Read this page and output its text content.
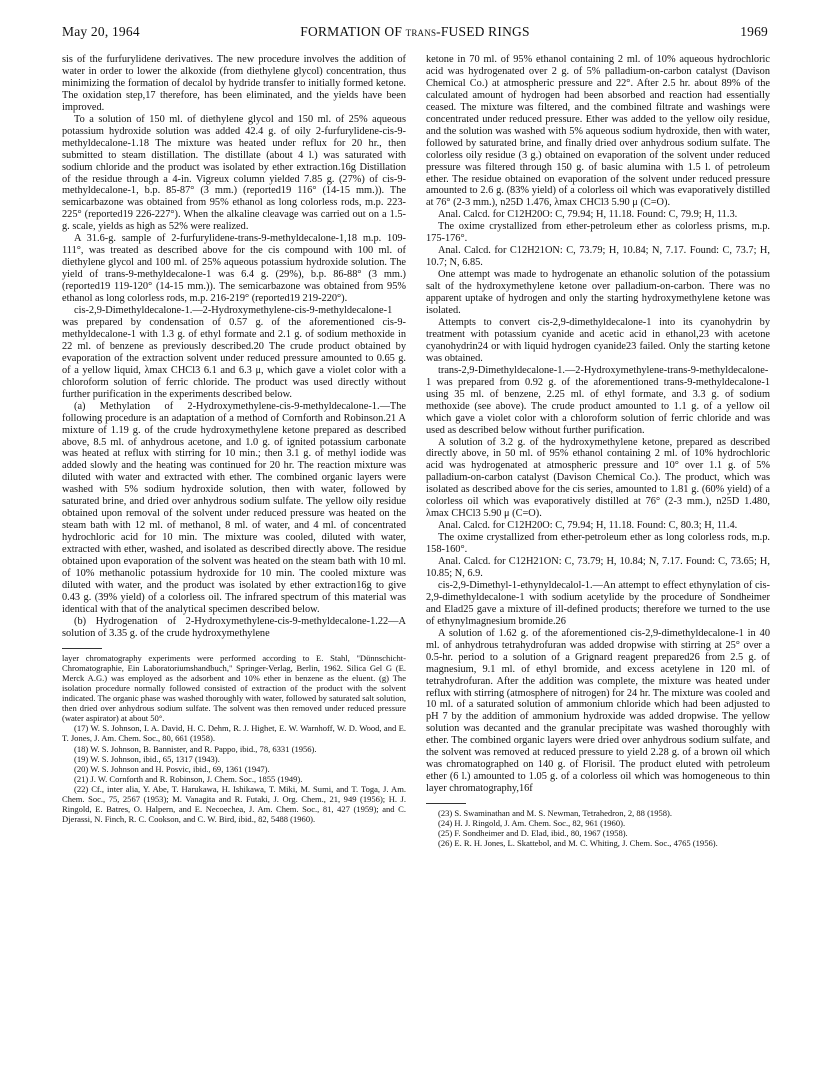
May 20, 1964	FORMATION OF trans-FUSED RINGS	1969

sis of the furfurylidene derivatives. The new procedure involves the addition of water in order to lower the alkoxide (from diethylene glycol) concentration, thus minimizing the formation of decalol by hydride transfer to initially formed ketone. The oxidation step,17 therefore, has been eliminated, and the yields have been improved.

To a solution of 150 ml. of diethylene glycol and 150 ml. of 25% aqueous potassium hydroxide solution was added 42.4 g. of oily 2-furfurylidene-cis-9-methyldecalone-1.18 The mixture was heated under reflux for 20 hr., then submitted to steam distillation. The distillate (about 4 l.) was saturated with sodium chloride and the product was isolated by ether extraction.16g Distillation of the residue through a 4-in. Vigreux column yielded 7.85 g. (27%) of cis-9-methyldecalone-1, b.p. 85-87° (3 mm.) (reported19 116° (14-15 mm.)). The semicarbazone was obtained from 95% ethanol as long colorless rods, m.p. 223-225° (reported19 226-227°). When the alkaline cleavage was carried out on a 1.5-g. scale, yields as high as 52% were realized.

A 31.6-g. sample of 2-furfurylidene-trans-9-methyldecalone-1,18 m.p. 109-111°, was treated as described above for the cis compound with 100 ml. of diethylene glycol and 100 ml. of 25% aqueous potassium hydroxide solution. The yield of trans-9-methyldecalone-1 was 6.4 g. (29%), b.p. 86-88° (3 mm.) (reported19 119-120° (14-15 mm.)). The semicarbazone was obtained from 95% ethanol as long colorless rods, m.p. 216-219° (reported19 219-220°).

cis-2,9-Dimethyldecalone-1.—2-Hydroxymethylene-cis-9-methyldecalone-1 was prepared by condensation of 0.57 g. of the aforementioned cis-9-methyldecalone-1 with 1.3 g. of ethyl formate and 2.1 g. of sodium methoxide in 22 ml. of benzene as previously described.20 The crude product obtained by evaporation of the extraction solvent under reduced pressure amounted to 0.65 g. of a yellow liquid, λmax CHCl3 6.1 and 6.3 μ, which gave a violet color with a chloroform solution of ferric chloride. The product was used directly without further purification in the experiments described below.

(a) Methylation of 2-Hydroxymethylene-cis-9-methyldecalone-1.—The following procedure is an adaptation of a method of Cornforth and Robinson.21 A mixture of 1.19 g. of the crude hydroxymethylene ketone prepared as described above, 8.5 ml. of anhydrous acetone, and 1.0 g. of ignited potassium carbonate was heated at reflux with stirring for 10 min.; then 3.1 g. of methyl iodide was added slowly and the heating was continued for 20 hr. The reaction mixture was diluted with water and extracted with ether. The combined organic layers were washed with 5% sodium hydroxide solution, then with water, followed by saturated brine, and dried over anhydrous sodium sulfate. The yellow oily residue obtained upon removal of the solvent under reduced pressure was heated on the steam bath with 12 ml. of methanol, 8 ml. of water, and 4 ml. of concentrated hydrochloric acid for 10 min. The mixture was cooled, diluted with water, extracted with ether, washed, and isolated as described directly above. The residue obtained upon evaporation of the solvent was heated on the steam bath with 10 ml. of 10% methanolic potassium hydroxide for 10 min. The cooled mixture was diluted with water, and the product was isolated by ether extraction16g to give 0.43 g. (39% yield) of a colorless oil. The infrared spectrum of this material was identical with that of the analytical specimen described below.

(b) Hydrogenation of 2-Hydroxymethylene-cis-9-methyldecalone-1.22—A solution of 3.35 g. of the crude hydroxymethylene

layer chromatography experiments were performed according to E. Stahl, "Dünnschicht-Chromatographie, Ein Laboratoriumshandbuch," Springer-Verlag, Berlin, 1962. Silica Gel G (E. Merck A.G.) was employed as the adsorbent and 10% ether in benzene as the eluent. (g) The isolation procedure normally followed consisted of extraction of the product with the solvent indicated. The organic phase was washed thoroughly with water, followed by saturated salt solution, then dried over anhydrous sodium sulfate. The solvent was then removed under reduced pressure (water aspirator) at about 50°.

(17) W. S. Johnson, I. A. David, H. C. Dehm, R. J. Highet, E. W. Warnhoff, W. D. Wood, and E. T. Jones, J. Am. Chem. Soc., 80, 661 (1958).

(18) W. S. Johnson, B. Bannister, and R. Pappo, ibid., 78, 6331 (1956).

(19) W. S. Johnson, ibid., 65, 1317 (1943).

(20) W. S. Johnson and H. Posvic, ibid., 69, 1361 (1947).

(21) J. W. Cornforth and R. Robinson, J. Chem. Soc., 1855 (1949).

(22) Cf., inter alia, Y. Abe, T. Harukawa, H. Ishikawa, T. Miki, M. Sumi, and T. Toga, J. Am. Chem. Soc., 75, 2567 (1953); M. Vanagita and R. Futaki, J. Org. Chem., 21, 949 (1956); H. J. Ringold, E. Batres, O. Halpern, and E. Necoechea, J. Am. Chem. Soc., 81, 427 (1959); and C. Djerassi, N. Finch, R. C. Cookson, and C. W. Bird, ibid., 82, 5488 (1960).

ketone in 70 ml. of 95% ethanol containing 2 ml. of 10% aqueous hydrochloric acid was hydrogenated over 2 g. of 5% palladium-on-carbon catalyst (Davison Chemical Co.) at atmospheric pressure and 22°. After 2.5 hr. about 89% of the calculated amount of hydrogen had been absorbed and reaction had essentially ceased. The mixture was filtered, and the combined filtrate and washings were concentrated under reduced pressure. Ether was added to the yellow oily residue, and the solution was washed with 5% aqueous sodium hydroxide, then with water, followed by saturated brine, and finally dried over anhydrous sodium sulfate. The colorless oily residue (3 g.) obtained on evaporation of the solvent under reduced pressure was filtered through 150 g. of basic alumina with 1.5 l. of petroleum ether. The residue obtained on evaporation of the solvent under reduced pressure amounted to 2.6 g. (83% yield) of a colorless oil which was evaporatively distilled at 76° (2-3 mm.), n25D 1.476, λmax CHCl3 5.90 μ (C=O).

Anal. Calcd. for C12H20O: C, 79.94; H, 11.18. Found: C, 79.9; H, 11.3.

The oxime crystallized from ether-petroleum ether as colorless prisms, m.p. 175-176°.

Anal. Calcd. for C12H21ON: C, 73.79; H, 10.84; N, 7.17. Found: C, 73.7; H, 10.7; N, 6.85.

One attempt was made to hydrogenate an ethanolic solution of the potassium salt of the hydroxymethylene ketone over palladium-on-carbon. There was no apparent uptake of hydrogen and only the starting hydroxymethylene ketone was isolated.

Attempts to convert cis-2,9-dimethyldecalone-1 into its cyanohydrin by treatment with potassium cyanide and acetic acid in ethanol,23 with acetone cyanohydrin24 or with liquid hydrogen cyanide23 failed. Only the starting ketone was obtained.

trans-2,9-Dimethyldecalone-1.—2-Hydroxymethylene-trans-9-methyldecalone-1 was prepared from 0.92 g. of the aforementioned trans-9-methyldecalone-1 using 35 ml. of benzene, 2.25 ml. of ethyl formate, and 3.3 g. of sodium methoxide (see above). The crude product amounted to 1.1 g. of a yellow oil which gave a violet color with a chloroform solution of ferric chloride and was used as described below without further purification.

A solution of 3.2 g. of the hydroxymethylene ketone, prepared as described directly above, in 50 ml. of 95% ethanol containing 2 ml. of 10% hydrochloric acid was hydrogenated at atmospheric pressure and 10° over 1.1 g. of 5% palladium-on-carbon catalyst (Davison Chemical Co.). The product, which was isolated as described above for the cis series, amounted to 1.81 g. (60% yield) of a colorless oil which was evaporatively distilled at 76° (2-3 mm.), n25D 1.480, λmax CHCl3 5.90 μ (C=O).

Anal. Calcd. for C12H20O: C, 79.94; H, 11.18. Found: C, 80.3; H, 11.4.

The oxime crystallized from ether-petroleum ether as long colorless rods, m.p. 158-160°.

Anal. Calcd. for C12H21ON: C, 73.79; H, 10.84; N, 7.17. Found: C, 73.65; H, 10.85; N, 6.9.

cis-2,9-Dimethyl-1-ethynyldecalol-1.—An attempt to effect ethynylation of cis-2,9-dimethyldecalone-1 with sodium acetylide by the procedure of Sondheimer and Elad25 gave a mixture of ill-defined products; therefore we turned to the use of ethynylmagnesium bromide.26

A solution of 1.62 g. of the aforementioned cis-2,9-dimethyldecalone-1 in 40 ml. of anhydrous tetrahydrofuran was added dropwise with stirring at 25° over a 0.5-hr. period to a solution of a Grignard reagent prepared26 from 2.5 g. of magnesium, 9.1 ml. of ethyl bromide, and excess acetylene in 120 ml. of tetrahydrofuran. After the addition was complete, the mixture was heated under reflux with stirring (atmosphere of nitrogen) for 24 hr. The mixture was cooled and 10 ml. of a saturated solution of ammonium chloride which had been adjusted to pH 7 by the addition of ammonium hydroxide was added dropwise. The yellow solution was decanted and the granular precipitate was washed thoroughly with ether. The combined organic layers were dried over anhydrous sodium sulfate, and the solvent was removed at reduced pressure to yield 2.28 g. of a brown oil which was chromatographed on 140 g. of Florisil. The product eluted with petroleum ether (6 l.) amounted to 1.05 g. of a colorless oil which was homogeneous to thin layer chromatography,16f

(23) S. Swaminathan and M. S. Newman, Tetrahedron, 2, 88 (1958).

(24) H. J. Ringold, J. Am. Chem. Soc., 82, 961 (1960).

(25) F. Sondheimer and D. Elad, ibid., 80, 1967 (1958).

(26) E. R. H. Jones, L. Skattebol, and M. C. Whiting, J. Chem. Soc., 4765 (1956).
